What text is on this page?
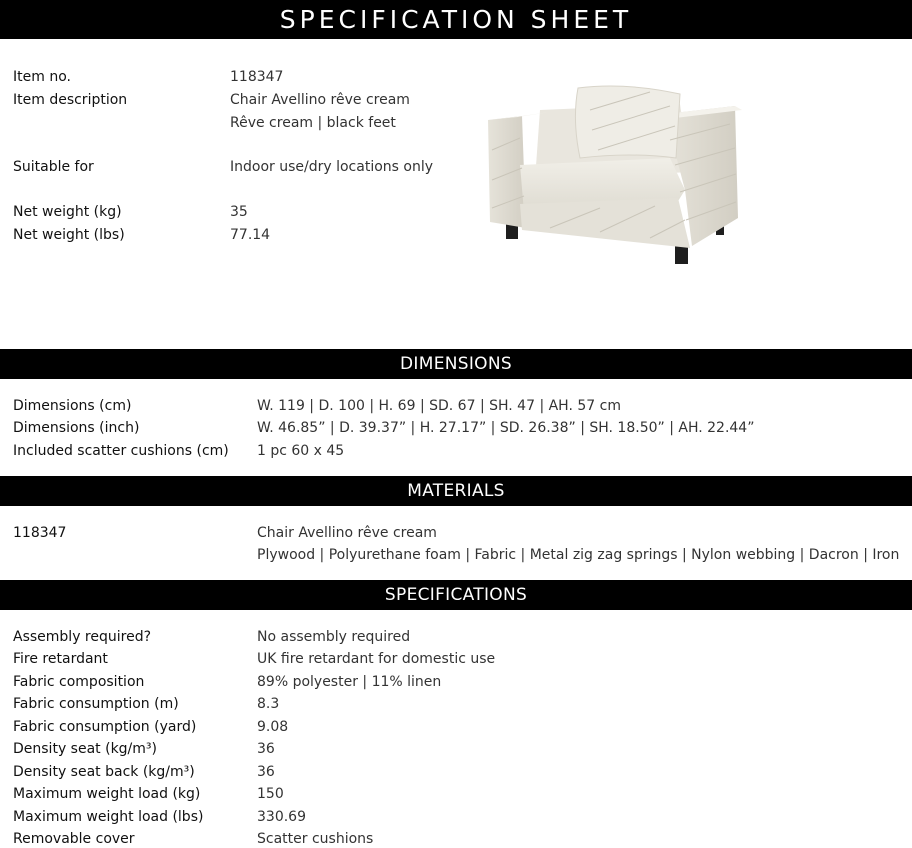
SPECIFICATION SHEET
Item no.	118347
Item description	Chair Avellino rêve cream
Rêve cream | black feet
Suitable for	Indoor use/dry locations only
Net weight (kg)	35
Net weight (lbs)	77.14
DIMENSIONS
Dimensions (cm)	W. 119 | D. 100 | H. 69 | SD. 67 | SH. 47 | AH. 57 cm
Dimensions (inch)	W. 46.85” | D. 39.37” | H. 27.17” | SD. 26.38” | SH. 18.50” | AH. 22.44”
Included scatter cushions (cm) 1 pc 60 x 45
MATERIALS
118347	Chair Avellino rêve cream
Plywood | Polyurethane foam | Fabric | Metal zig zag springs | Nylon webbing | Dacron | Iron
SPECIFICATIONS
Assembly required?	No assembly required
Fire retardant	UK fire retardant for domestic use
Fabric composition	89% polyester | 11% linen
Fabric consumption (m)	8.3
Fabric consumption (yard)	9.08
Density seat (kg/m³)	36
Density seat back (kg/m³)	36
Maximum weight load (kg)	150
Maximum weight load (lbs)	330.69
Removable cover	Scatter cushions
